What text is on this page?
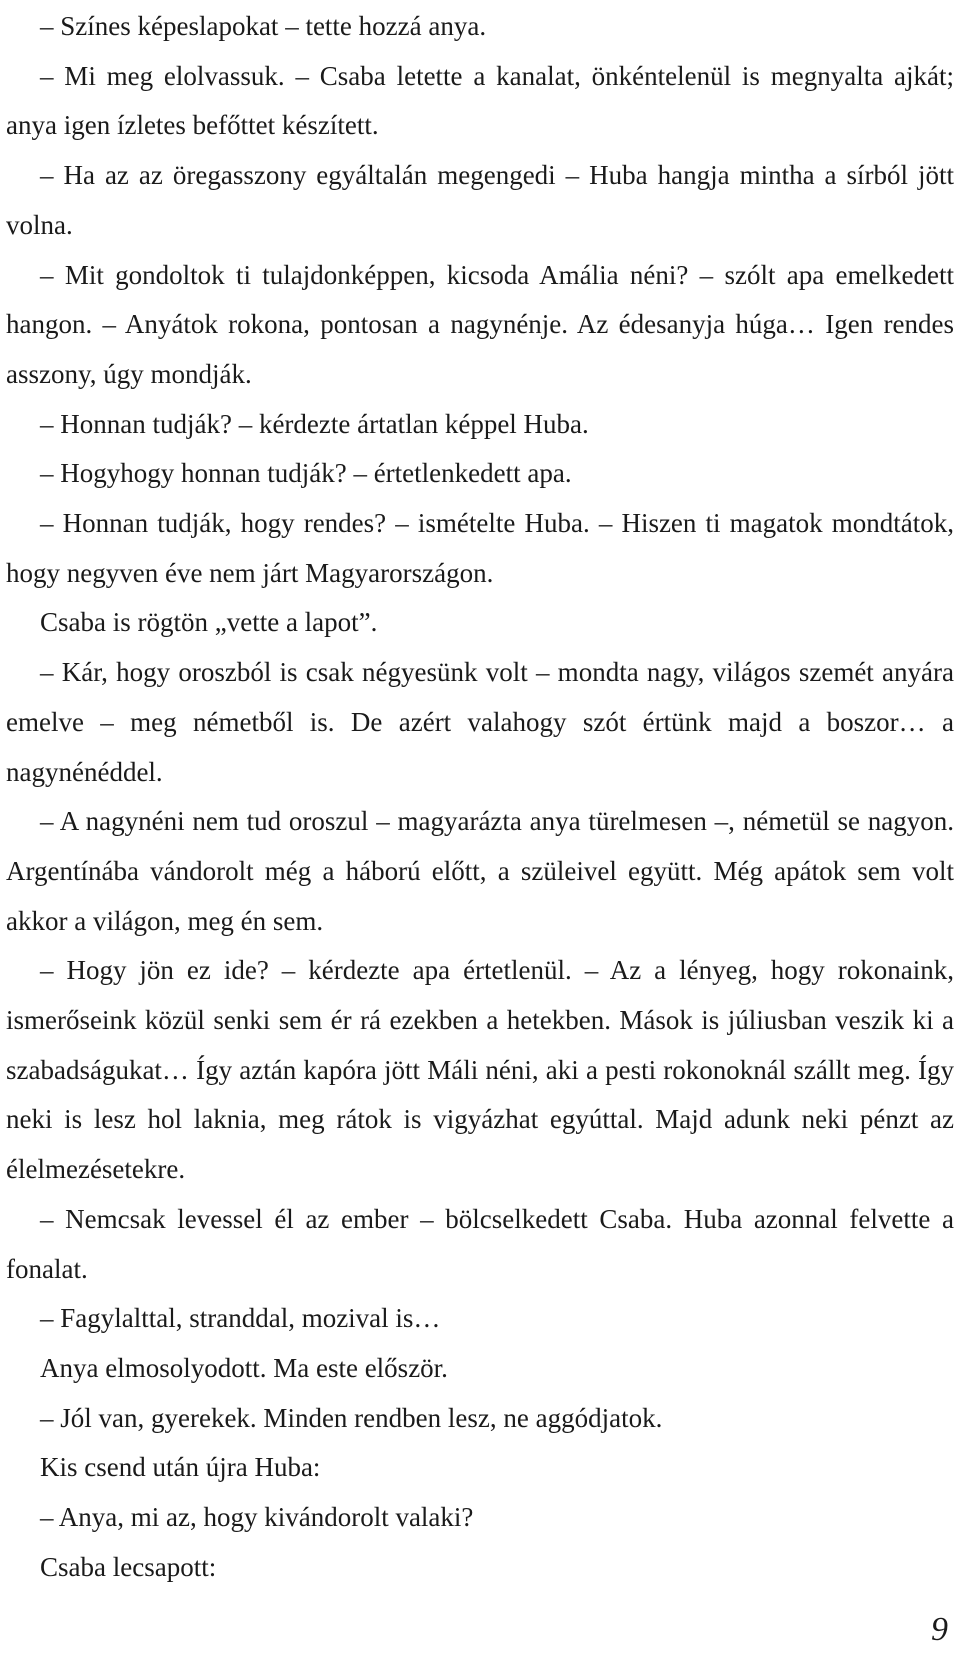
– Színes képeslapokat – tette hozzá anya.

– Mi meg elolvassuk. – Csaba letette a kanalat, önkéntelenül is megnyalta ajkát; anya igen ízletes befőttet készített.

– Ha az az öregasszony egyáltalán megengedi – Huba hangja mintha a sírból jött volna.

– Mit gondoltok ti tulajdonképpen, kicsoda Amália néni? – szólt apa emelkedett hangon. – Anyátok rokona, pontosan a nagynénje. Az édesanyja húga… Igen rendes asszony, úgy mondják.

– Honnan tudják? – kérdezte ártatlan képpel Huba.

– Hogyhogy honnan tudják? – értetlenkedett apa.

– Honnan tudják, hogy rendes? – ismételte Huba. – Hiszen ti magatok mondtátok, hogy negyven éve nem járt Magyarországon.

Csaba is rögtön „vette a lapot”.

– Kár, hogy oroszból is csak négyesünk volt – mondta nagy, világos szemét anyára emelve – meg németből is. De azért valahogy szót értünk majd a boszor… a nagynénéddel.

– A nagynéni nem tud oroszul – magyarázta anya türelmesen –, németül se nagyon. Argentínába vándorolt még a háború előtt, a szüleivel együtt. Még apátok sem volt akkor a világon, meg én sem.

– Hogy jön ez ide? – kérdezte apa értetlenül. – Az a lényeg, hogy rokonaink, ismerőseink közül senki sem ér rá ezekben a hetekben. Mások is júliusban veszik ki a szabadságukat… Így aztán kapóra jött Máli néni, aki a pesti rokonoknál szállt meg. Így neki is lesz hol laknia, meg rátok is vigyázhat egyúttal. Majd adunk neki pénzt az élelmezésetekre.

– Nemcsak levessel él az ember – bölcselkedett Csaba. Huba azonnal felvette a fonalat.

– Fagylalttal, stranddal, mozival is…

Anya elmosolyodott. Ma este először.

– Jól van, gyerekek. Minden rendben lesz, ne aggódjatok.

Kis csend után újra Huba:

– Anya, mi az, hogy kivándorolt valaki?

Csaba lecsapott:

9
